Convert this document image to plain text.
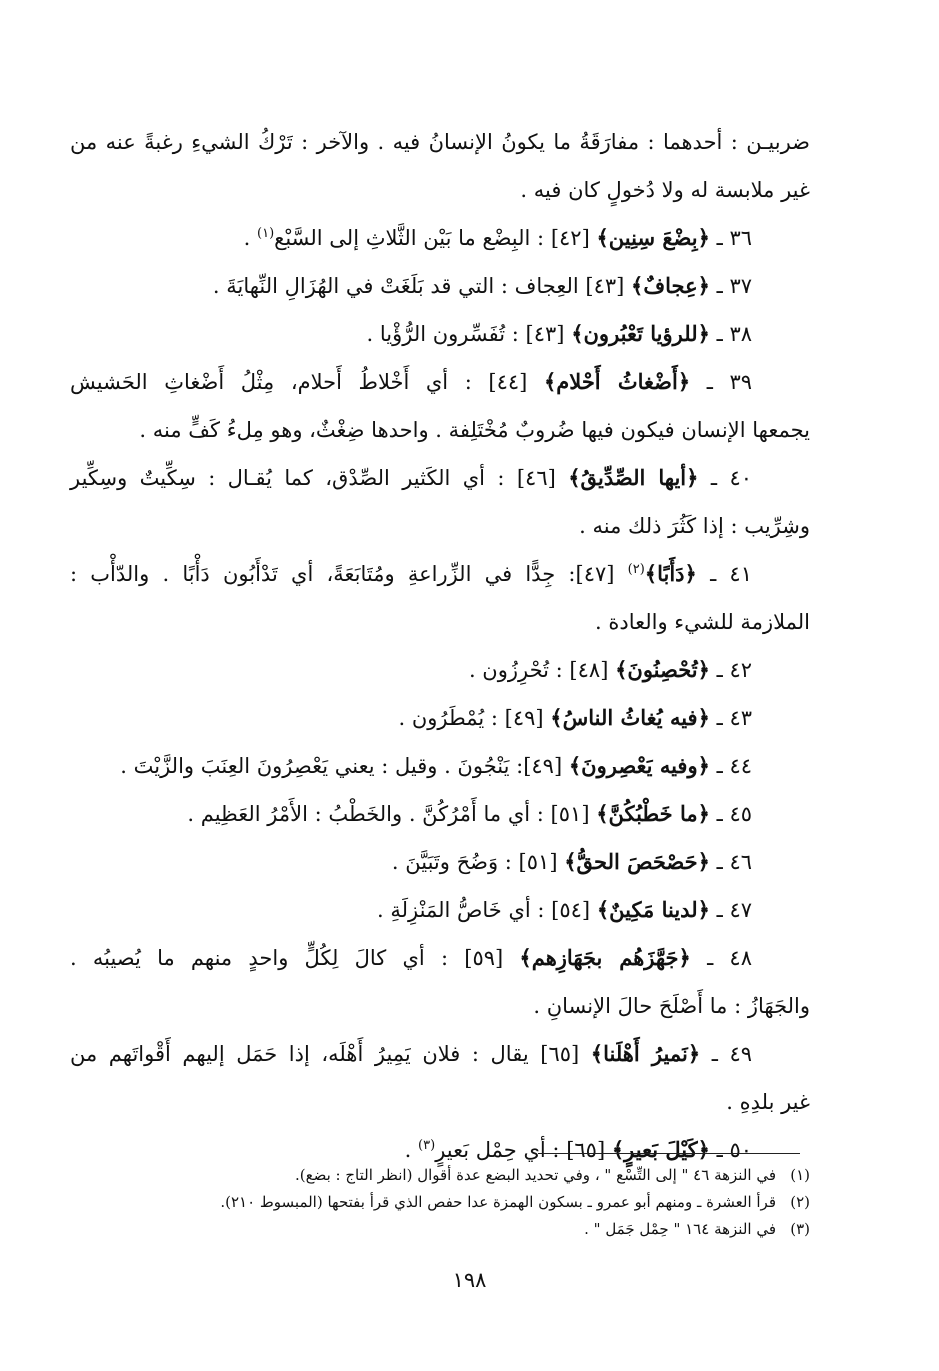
ضربيـن : أحدهما : مفارَقَةُ ما يكونُ الإنسانُ فيه . والآخر : تَرْكُ الشيءِ رغبةً عنه من
غير ملابسة له ولا دُخولٍ كان فيه .
٣٦ ـ ﴿بِضْعَ سِنِين﴾ [٤٢] : البِضْع ما بَيْن الثَّلاثِ إلى السَّبْع$^{(١)}$ .
٣٧ ـ ﴿عِجافٌ﴾ [٤٣] العِجاف : التي قد بَلَغَتْ في الهُزَالِ النِّهايَةَ .
٣٨ ـ ﴿للرؤيا تَعْبُرون﴾ [٤٣] : تُفَسِّرون الرُّؤْيا .
٣٩ ـ ﴿أَضْغاثُ أَحْلام﴾ [٤٤] : أي أَخْلاطُ أَحلام، مِثْلُ أَضْغاثِ الحَشيش
يجمعها الإنسان فيكون فيها ضُروبٌ مُخْتَلِفة . واحدها ضِغْثٌ، وهو مِلءُ كَفٍّ منه .
٤٠ ـ ﴿أيها الصِّدِّيقُ﴾ [٤٦] : أي الكَثير الصِّدْق، كما يُقـال : سِكِّيتٌ وسِكِّير
وشِرِّيب : إذا كَثُرَ ذلك منه .
٤١ ـ ﴿دَأَبًا﴾$^{(٢)}$ [٤٧]: جِدًّا في الزِّراعةِ ومُتَابَعَةً، أي تَدْأَبُون دَأْبًا . والدّأْب :
الملازمة للشيء والعادة .
٤٢ ـ ﴿تُحْصِنُونَ﴾ [٤٨] : تُحْرِزُون .
٤٣ ـ ﴿فيه يُغاثُ الناسُ﴾ [٤٩] : يُمْطَرُون .
٤٤ ـ ﴿وفيه يَعْصِرونَ﴾ [٤٩]: يَنْجُونَ . وقيل : يعني يَعْصِرُونَ العِنَبَ والزَّيْتَ .
٤٥ ـ ﴿ما خَطْبُكُنَّ﴾ [٥١] : أي ما أَمْرُكُنَّ . والخَطْبُ : الأَمْرُ العَظِيم .
٤٦ ـ ﴿حَصْحَصَ الحقُّ﴾ [٥١] : وَضُحَ وتَبَيَّنَ .
٤٧ ـ ﴿لدينا مَكِينٌ﴾ [٥٤] : أي خَاصُّ المَنْزِلَةِ .
٤٨ ـ ﴿جَهَّزَهُم بجَهَازِهم﴾ [٥٩] : أي كالَ لِكُلٍّ واحدٍ منهم ما يُصيبُه .
والجَهَازُ : ما أَصْلَحَ حالَ الإنسانِ .
٤٩ ـ ﴿نَميرُ أَهْلَنا﴾ [٦٥] يقال : فلان يَمِيرُ أَهْلَه، إذا حَمَل إليهم أَقْواتَهم من
غير بلدِهِ .
٥٠ ـ ﴿كَيْلَ بَعيرٍ﴾ [٦٥] : أي حِمْل بَعيرٍ$^{(٣)}$ .
(١)في النزهة ٤٦ " إلى التِّسْع " ، وفي تحديد البضع عدة أقوال (انظر التاج : بضع).
(٢)قرأ العشرة ـ ومنهم أبو عمرو ـ بسكون الهمزة عدا حفص الذي قرأ بفتحها (المبسوط ٢١٠).
(٣)في النزهة ١٦٤ " حِمْل جَمَل " .
١٩٨
